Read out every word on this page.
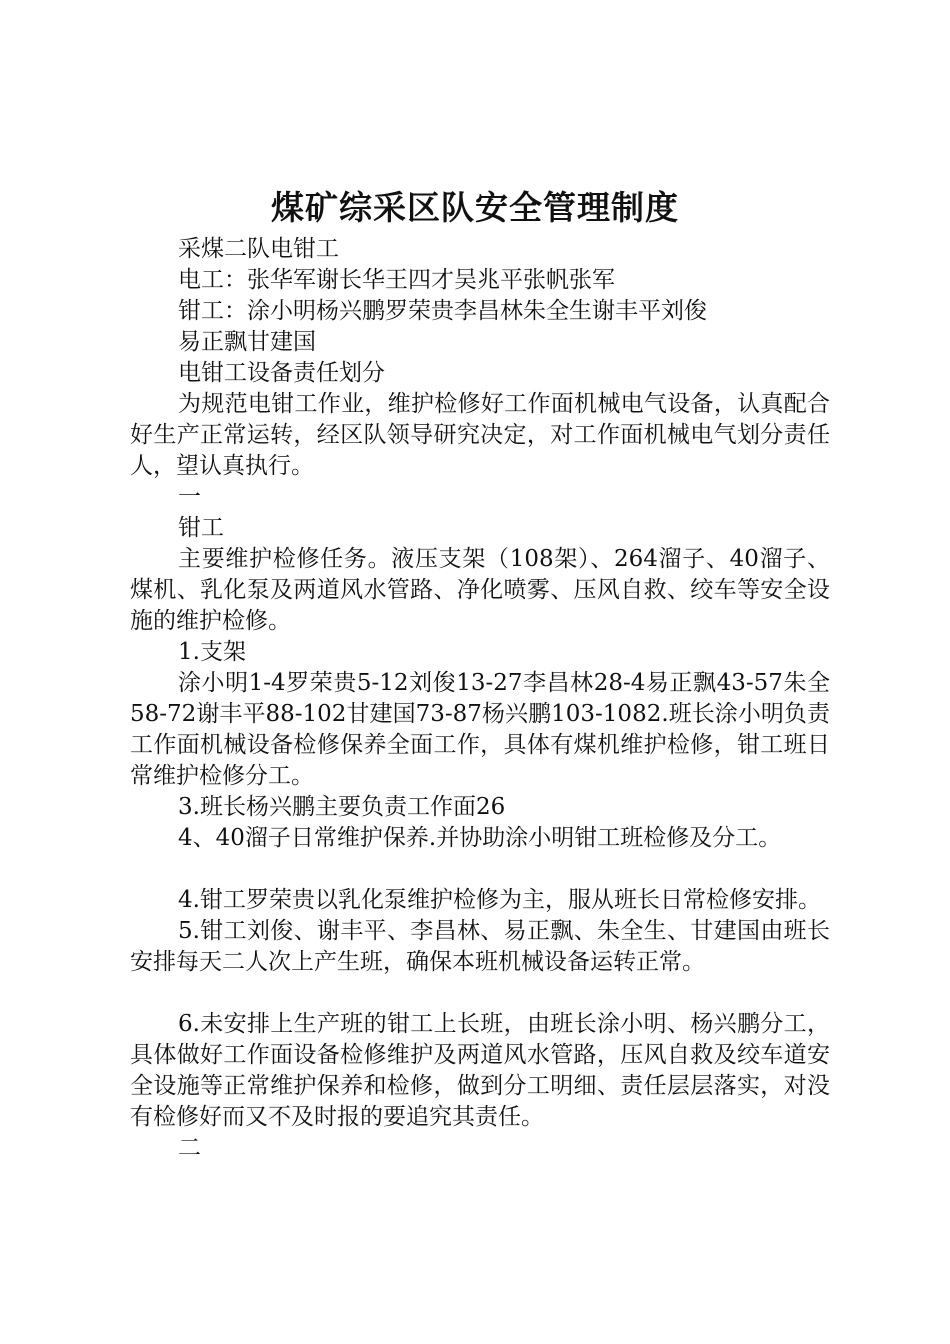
煤矿综采区队安全管理制度

采煤二队电钳工

电工：张华军谢长华王四才吴兆平张帆张军

钳工：涂小明杨兴鹏罗荣贵李昌林朱全生谢丰平刘俊

易正飘甘建国

电钳工设备责任划分

为规范电钳工作业，维护检修好工作面机械电气设备，认真配合好生产正常运转，经区队领导研究决定，对工作面机械电气划分责任人，望认真执行。

一

钳工

主要维护检修任务。液压支架（108架）、264溜子、40溜子、煤机、乳化泵及两道风水管路、净化喷雾、压风自救、绞车等安全设施的维护检修。

1.支架

涂小明1-4罗荣贵5-12刘俊13-27李昌林28-4易正飘43-57朱全58-72谢丰平88-102甘建国73-87杨兴鹏103-1082.班长涂小明负责工作面机械设备检修保养全面工作，具体有煤机维护检修，钳工班日常维护检修分工。

3.班长杨兴鹏主要负责工作面26

4、40溜子日常维护保养.并协助涂小明钳工班检修及分工。

4.钳工罗荣贵以乳化泵维护检修为主，服从班长日常检修安排。

5.钳工刘俊、谢丰平、李昌林、易正飘、朱全生、甘建国由班长安排每天二人次上产生班，确保本班机械设备运转正常。

6.未安排上生产班的钳工上长班，由班长涂小明、杨兴鹏分工，具体做好工作面设备检修维护及两道风水管路，压风自救及绞车道安全设施等正常维护保养和检修，做到分工明细、责任层层落实，对没有检修好而又不及时报的要追究其责任。

二
